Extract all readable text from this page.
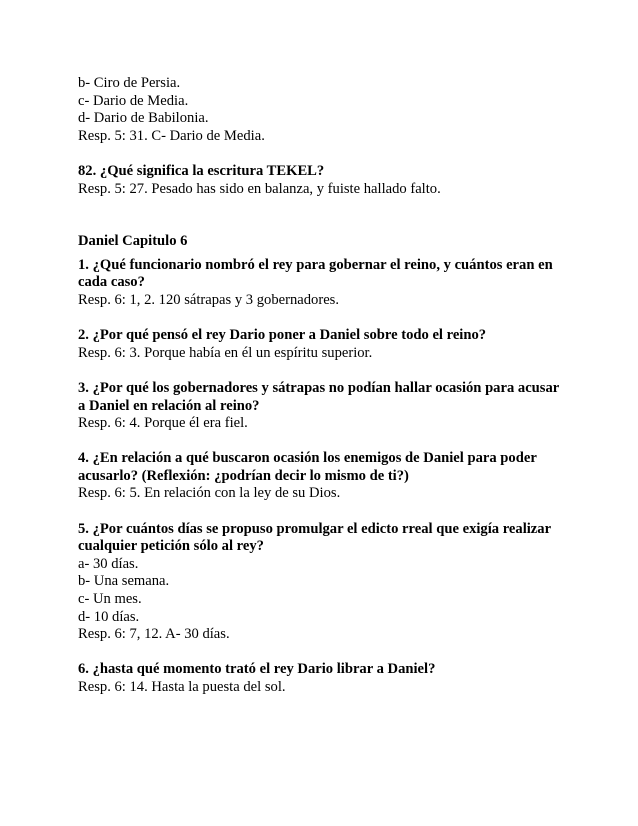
b- Ciro de Persia.
c- Dario de Media.
d- Dario de Babilonia.
Resp. 5: 31. C- Dario de Media.
82. ¿Qué significa la escritura TEKEL?
Resp. 5: 27. Pesado has sido en balanza, y fuiste hallado falto.
Daniel Capitulo 6
1. ¿Qué funcionario nombró el rey para gobernar el reino, y cuántos eran en
cada caso?
Resp. 6: 1, 2. 120 sátrapas y 3 gobernadores.
2. ¿Por qué pensó el rey Dario poner a Daniel sobre todo el reino?
Resp. 6: 3. Porque había en él un espíritu superior.
3. ¿Por qué los gobernadores y sátrapas no podían hallar ocasión para acusar
a Daniel en relación al reino?
Resp. 6: 4. Porque él era fiel.
4. ¿En relación a qué buscaron ocasión los enemigos de Daniel para poder
acusarlo? (Reflexión: ¿podrían decir lo mismo de ti?)
Resp. 6: 5. En relación con la ley de su Dios.
5. ¿Por cuántos días se propuso promulgar el edicto rreal que exigía realizar
cualquier petición sólo al rey?
a- 30 días.
b- Una semana.
c- Un mes.
d- 10 días.
Resp. 6: 7, 12. A- 30 días.
6. ¿hasta qué momento trató el rey Dario librar a Daniel?
Resp. 6: 14. Hasta la puesta del sol.
